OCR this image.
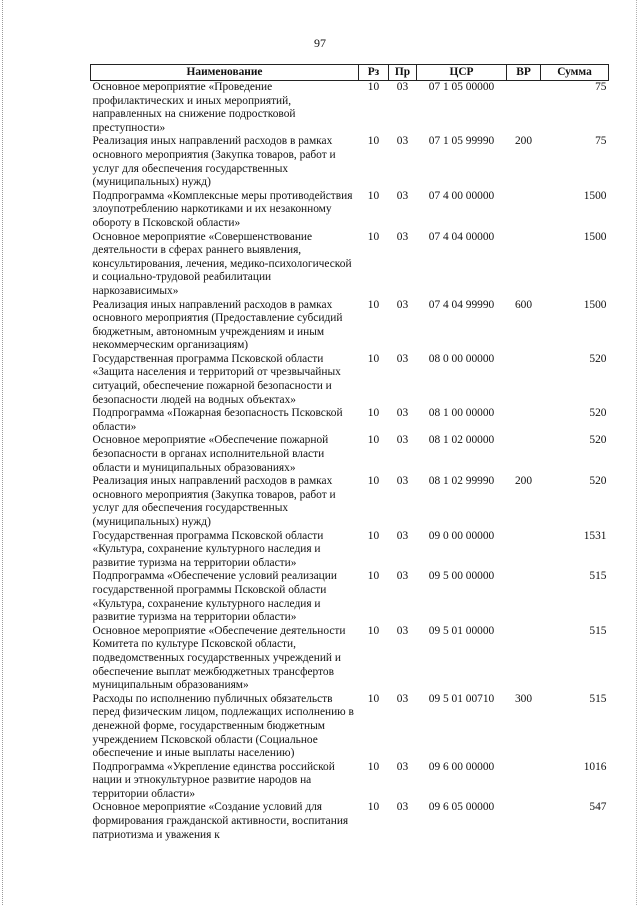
97
Наименование	Рз	Пр	ЦСР	ВР	Сумма
Основное мероприятие «Проведение профилактических и иных мероприятий, направленных на снижение подростковой преступности»	10	03	07 1 05 00000		75
Реализация иных направлений расходов в рамках основного мероприятия (Закупка товаров, работ и услуг для обеспечения государственных (муниципальных) нужд)	10	03	07 1 05 99990	200	75
Подпрограмма «Комплексные меры противодействия злоупотреблению наркотиками и их незаконному обороту в Псковской области»	10	03	07 4 00 00000		1500
Основное мероприятие «Совершенствование деятельности в сферах раннего выявления, консультирования, лечения, медико-психологической и социально-трудовой реабилитации наркозависимых»	10	03	07 4 04 00000		1500
Реализация иных направлений расходов в рамках основного мероприятия (Предоставление субсидий бюджетным, автономным учреждениям и иным некоммерческим организациям)	10	03	07 4 04 99990	600	1500
Государственная программа Псковской области «Защита населения и территорий от чрезвычайных ситуаций, обеспечение пожарной безопасности и безопасности людей на водных объектах»	10	03	08 0 00 00000		520
Подпрограмма «Пожарная безопасность Псковской области»	10	03	08 1 00 00000		520
Основное мероприятие «Обеспечение пожарной безопасности в органах исполнительной власти области и муниципальных образованиях»	10	03	08 1 02 00000		520
Реализация иных направлений расходов в рамках основного мероприятия (Закупка товаров, работ и услуг для обеспечения государственных (муниципальных) нужд)	10	03	08 1 02 99990	200	520
Государственная программа Псковской области «Культура, сохранение культурного наследия и развитие туризма на территории области»	10	03	09 0 00 00000		1531
Подпрограмма «Обеспечение условий реализации государственной программы Псковской области «Культура, сохранение культурного наследия и развитие туризма на территории области»	10	03	09 5 00 00000		515
Основное мероприятие «Обеспечение деятельности Комитета по культуре Псковской области, подведомственных государственных учреждений и обеспечение выплат межбюджетных трансфертов муниципальным образованиям»	10	03	09 5 01 00000		515
Расходы по исполнению публичных обязательств перед физическим лицом, подлежащих исполнению в денежной форме, государственным бюджетным учреждением Псковской области (Социальное обеспечение и иные выплаты населению)	10	03	09 5 01 00710	300	515
Подпрограмма «Укрепление единства российской нации и этнокультурное развитие народов на территории области»	10	03	09 6 00 00000		1016
Основное мероприятие «Создание условий для формирования гражданской активности, воспитания патриотизма и уважения к	10	03	09 6 05 00000		547
